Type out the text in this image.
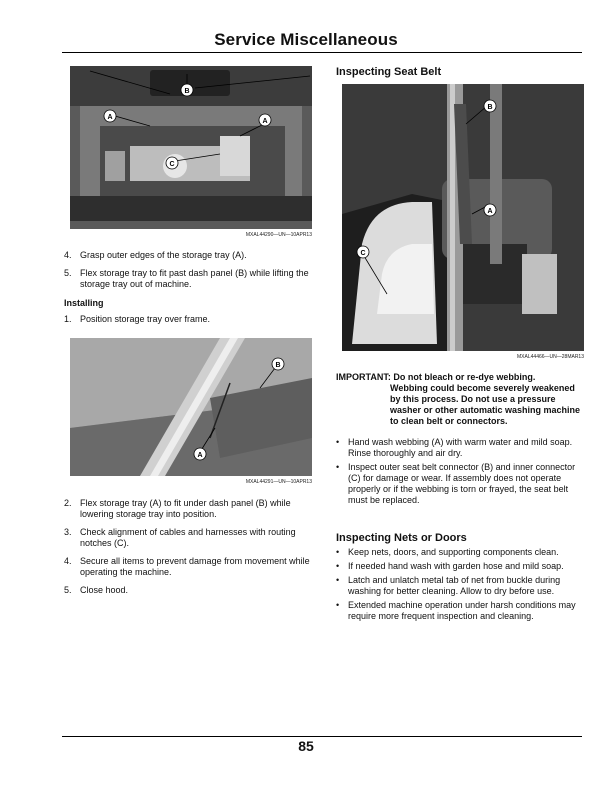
Service Miscellaneous
B
A
A
C
MXAL44290—UN—10APR13
4. Grasp outer edges of the storage tray (A).
5. Flex storage tray to fit past dash panel (B) while lifting the storage tray out of machine.
Installing
1. Position storage tray over frame.
A
B
MXAL44291—UN—10APR13
2. Flex storage tray (A) to fit under dash panel (B) while lowering storage tray into position.
3. Check alignment of cables and harnesses with routing notches (C).
4. Secure all items to prevent damage from movement while operating the machine.
5. Close hood.
Inspecting Seat Belt
B
A
C
MXAL44466—UN—28MAR13
IMPORTANT: Do not bleach or re-dye webbing.
Webbing could become severely weakened by this process. Do not use a pressure washer or other automatic washing machine to clean belt or connectors.
• Hand wash webbing (A) with warm water and mild soap. Rinse thoroughly and air dry.
• Inspect outer seat belt connector (B) and inner connector (C) for damage or wear. If assembly does not operate properly or if the webbing is torn or frayed, the seat belt must be replaced.
Inspecting Nets or Doors
• Keep nets, doors, and supporting components clean.
• If needed hand wash with garden hose and mild soap.
• Latch and unlatch metal tab of net from buckle during washing for better cleaning. Allow to dry before use.
• Extended machine operation under harsh conditions may require more frequent inspection and cleaning.
85
